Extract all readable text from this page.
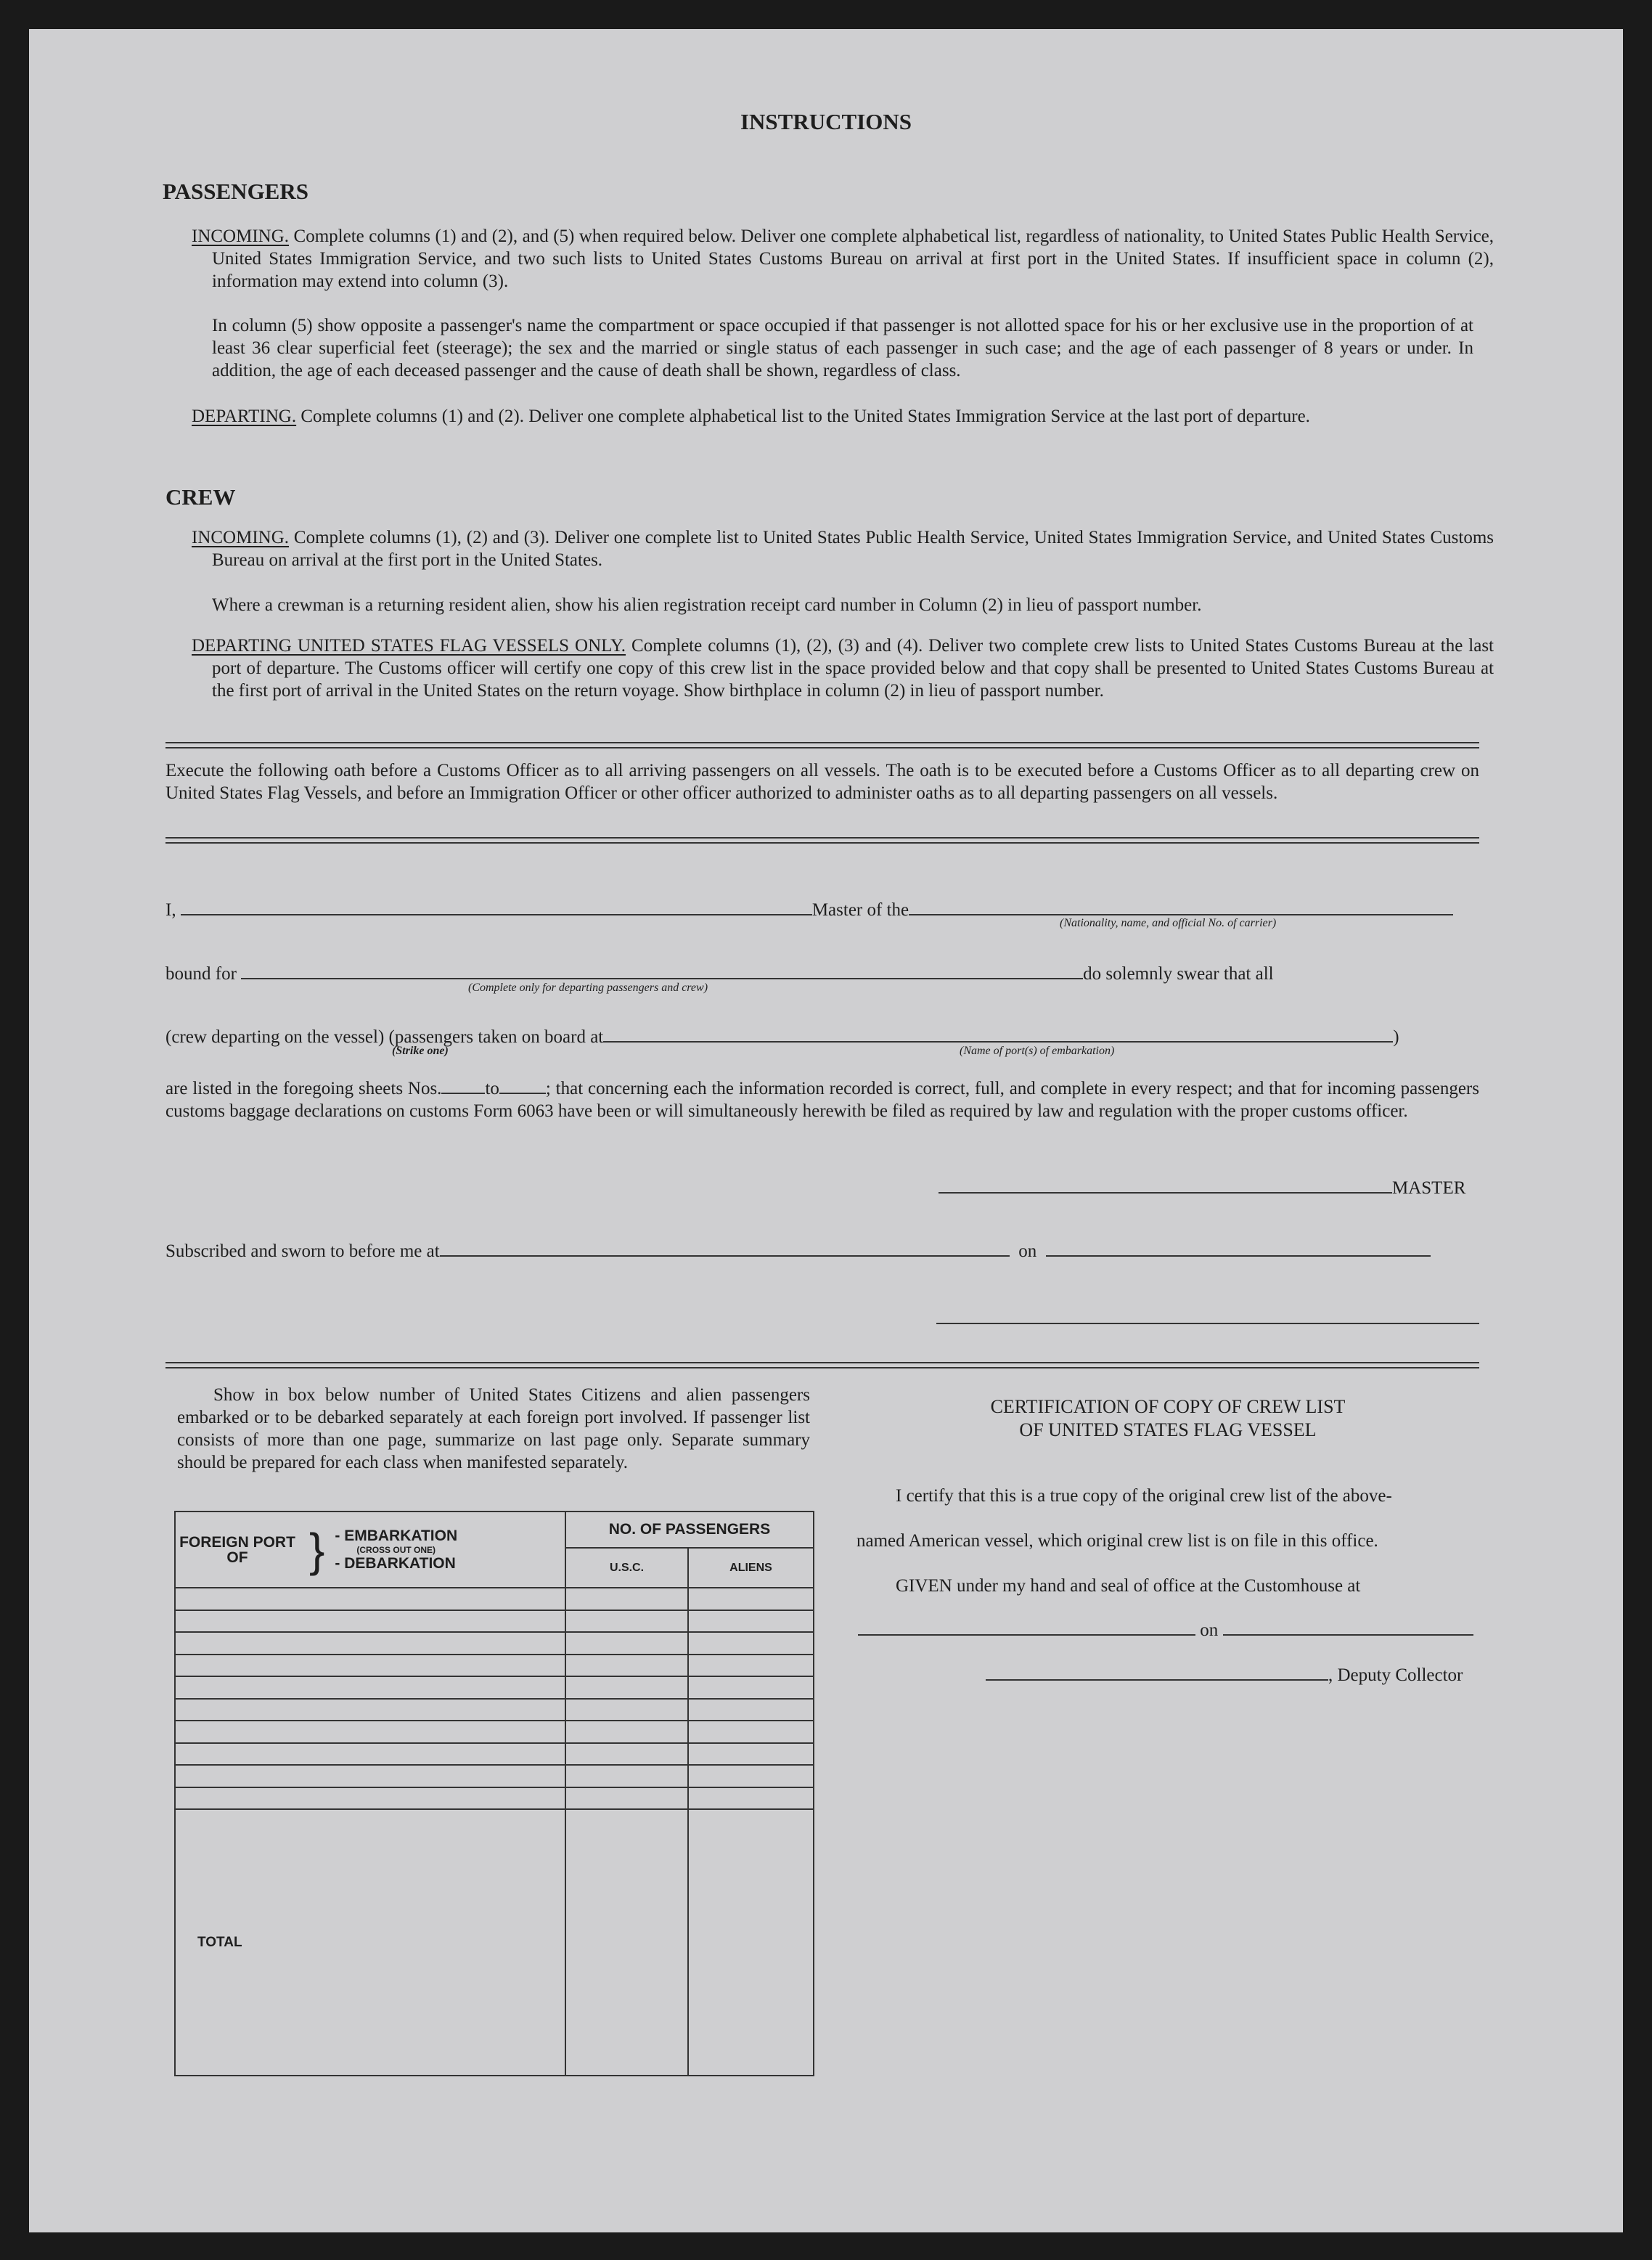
INSTRUCTIONS
PASSENGERS
INCOMING. Complete columns (1) and (2), and (5) when required below. Deliver one complete alphabetical list, regardless of nationality, to United States Public Health Service, United States Immigration Service, and two such lists to United States Customs Bureau on arrival at first port in the United States. If insufficient space in column (2), information may extend into column (3).
In column (5) show opposite a passenger's name the compartment or space occupied if that passenger is not allotted space for his or her exclusive use in the proportion of at least 36 clear superficial feet (steerage); the sex and the married or single status of each passenger in such case; and the age of each passenger of 8 years or under. In addition, the age of each deceased passenger and the cause of death shall be shown, regardless of class.
DEPARTING. Complete columns (1) and (2). Deliver one complete alphabetical list to the United States Immigration Service at the last port of departure.
CREW
INCOMING. Complete columns (1), (2) and (3). Deliver one complete list to United States Public Health Service, United States Immigration Service, and United States Customs Bureau on arrival at the first port in the United States.
Where a crewman is a returning resident alien, show his alien registration receipt card number in Column (2) in lieu of passport number.
DEPARTING UNITED STATES FLAG VESSELS ONLY. Complete columns (1), (2), (3) and (4). Deliver two complete crew lists to United States Customs Bureau at the last port of departure. The Customs officer will certify one copy of this crew list in the space provided below and that copy shall be presented to United States Customs Bureau at the first port of arrival in the United States on the return voyage. Show birthplace in column (2) in lieu of passport number.
Execute the following oath before a Customs Officer as to all arriving passengers on all vessels. The oath is to be executed before a Customs Officer as to all departing crew on United States Flag Vessels, and before an Immigration Officer or other officer authorized to administer oaths as to all departing passengers on all vessels.
I,	Master of the
(Nationality, name, and official No. of carrier)
bound for	do solemnly swear that all
(Complete only for departing passengers and crew)
(crew departing on the vessel) (passengers taken on board at	)
(Strike one)	(Name of port(s) of embarkation)
are listed in the foregoing sheets Nos. to	; that concerning each the information recorded is correct, full, and complete in every respect; and that for incoming passengers customs baggage declarations on customs Form 6063 have been or will simultaneously herewith be filed as required by law and regulation with the proper customs officer.
MASTER
Subscribed and sworn to before me at	on
Show in box below number of United States Citizens and alien passengers embarked or to be debarked separately at each foreign port involved. If passenger list consists of more than one page, summarize on last page only. Separate summary should be prepared for each class when manifested separately.
FOREIGN PORT OF } - EMBARKATION
(CROSS OUT ONE)
- DEBARKATION	NO. OF PASSENGERS	
	U.S.C.	ALIENS

TOTAL		
CERTIFICATION OF COPY OF CREW LIST
OF UNITED STATES FLAG VESSEL
I certify that this is a true copy of the original crew list of the above-
named American vessel, which original crew list is on file in this office.
GIVEN under my hand and seal of office at the Customhouse at
on
, Deputy Collector
